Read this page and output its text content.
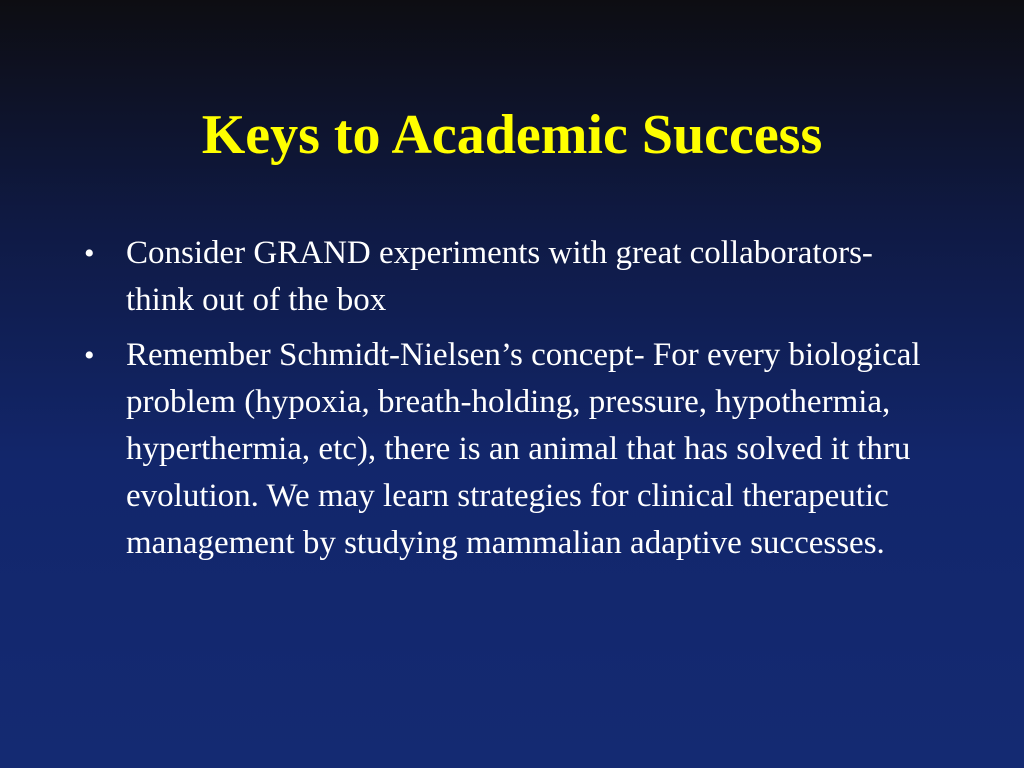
Keys to Academic Success
• Consider GRAND experiments with great collaborators- think out of the box
• Remember Schmidt-Nielsen’s concept- For every biological problem (hypoxia, breath-holding, pressure, hypothermia, hyperthermia, etc), there is an animal that has solved it thru evolution. We may learn strategies for clinical therapeutic management by studying mammalian adaptive successes.
